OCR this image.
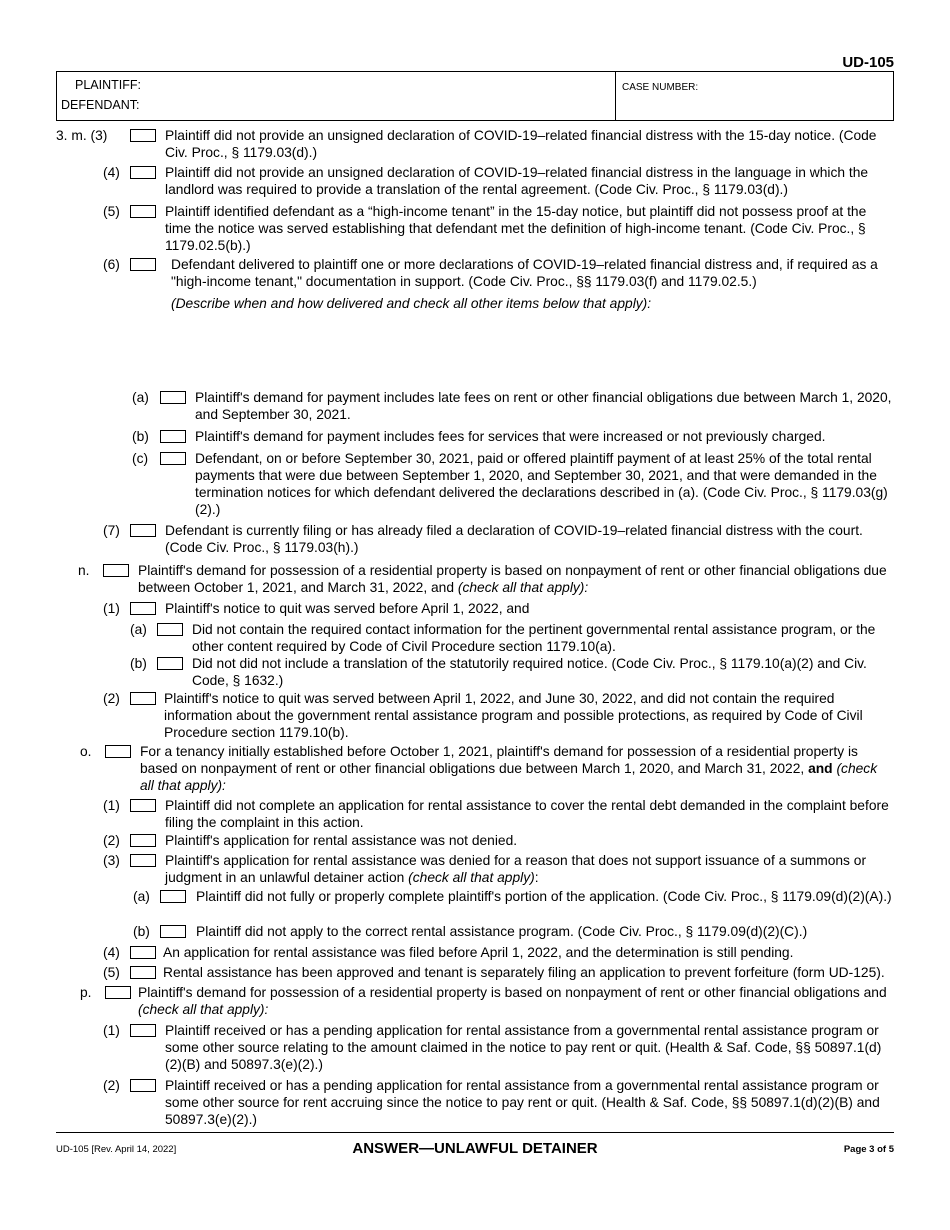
UD-105
PLAINTIFF:
DEFENDANT:
CASE NUMBER:
3. m. (3)	Plaintiff did not provide an unsigned declaration of COVID-19–related financial distress with the 15-day notice. (Code Civ. Proc., § 1179.03(d).)
(4)	Plaintiff did not provide an unsigned declaration of COVID-19–related financial distress in the language in which the landlord was required to provide a translation of the rental agreement. (Code Civ. Proc., § 1179.03(d).)
(5)	Plaintiff identified defendant as a “high-income tenant” in the 15-day notice, but plaintiff did not possess proof at the time the notice was served establishing that defendant met the definition of high-income tenant. (Code Civ. Proc., § 1179.02.5(b).)
(6)	Defendant delivered to plaintiff one or more declarations of COVID-19–related financial distress and, if required as a "high-income tenant," documentation in support. (Code Civ. Proc., §§ 1179.03(f) and 1179.02.5.)
(Describe when and how delivered and check all other items below that apply):
(a)	Plaintiff's demand for payment includes late fees on rent or other financial obligations due between March 1, 2020, and September 30, 2021.
(b)	Plaintiff's demand for payment includes fees for services that were increased or not previously charged.
(c)	Defendant, on or before September 30, 2021, paid or offered plaintiff payment of at least 25% of the total rental payments that were due between September 1, 2020, and September 30, 2021, and that were demanded in the termination notices for which defendant delivered the declarations described in (a). (Code Civ. Proc., § 1179.03(g)(2).)
(7)	Defendant is currently filing or has already filed a declaration of COVID-19–related financial distress with the court. (Code Civ. Proc., § 1179.03(h).)
n.	Plaintiff's demand for possession of a residential property is based on nonpayment of rent or other financial obligations due between October 1, 2021, and March 31, 2022, and (check all that apply):
(1)	Plaintiff's notice to quit was served before April 1, 2022, and
(a)	Did not contain the required contact information for the pertinent governmental rental assistance program, or the other content required by Code of Civil Procedure section 1179.10(a).
(b)	Did not did not include a translation of the statutorily required notice. (Code Civ. Proc., § 1179.10(a)(2) and Civ. Code, § 1632.)
(2)	Plaintiff's notice to quit was served between April 1, 2022, and June 30, 2022, and did not contain the required information about the government rental assistance program and possible protections, as required by Code of Civil Procedure section 1179.10(b).
o.	For a tenancy initially established before October 1, 2021, plaintiff's demand for possession of a residential property is based on nonpayment of rent or other financial obligations due between March 1, 2020, and March 31, 2022, and (check all that apply):
(1)	Plaintiff did not complete an application for rental assistance to cover the rental debt demanded in the complaint before filing the complaint in this action.
(2)	Plaintiff's application for rental assistance was not denied.
(3)	Plaintiff's application for rental assistance was denied for a reason that does not support issuance of a summons or judgment in an unlawful detainer action (check all that apply):
(a)	Plaintiff did not fully or properly complete plaintiff's portion of the application. (Code Civ. Proc., § 1179.09(d)(2)(A).)
(b)	Plaintiff did not apply to the correct rental assistance program. (Code Civ. Proc., § 1179.09(d)(2)(C).)
(4)	An application for rental assistance was filed before April 1, 2022, and the determination is still pending.
(5)	Rental assistance has been approved and tenant is separately filing an application to prevent forfeiture (form UD-125).
p.	Plaintiff's demand for possession of a residential property is based on nonpayment of rent or other financial obligations and (check all that apply):
(1)	Plaintiff received or has a pending application for rental assistance from a governmental rental assistance program or some other source relating to the amount claimed in the notice to pay rent or quit. (Health & Saf. Code, §§ 50897.1(d)(2)(B) and 50897.3(e)(2).)
(2)	Plaintiff received or has a pending application for rental assistance from a governmental rental assistance program or some other source for rent accruing since the notice to pay rent or quit. (Health & Saf. Code, §§ 50897.1(d)(2)(B) and 50897.3(e)(2).)
UD-105 [Rev. April 14, 2022]	ANSWER—UNLAWFUL DETAINER	Page 3 of 5
